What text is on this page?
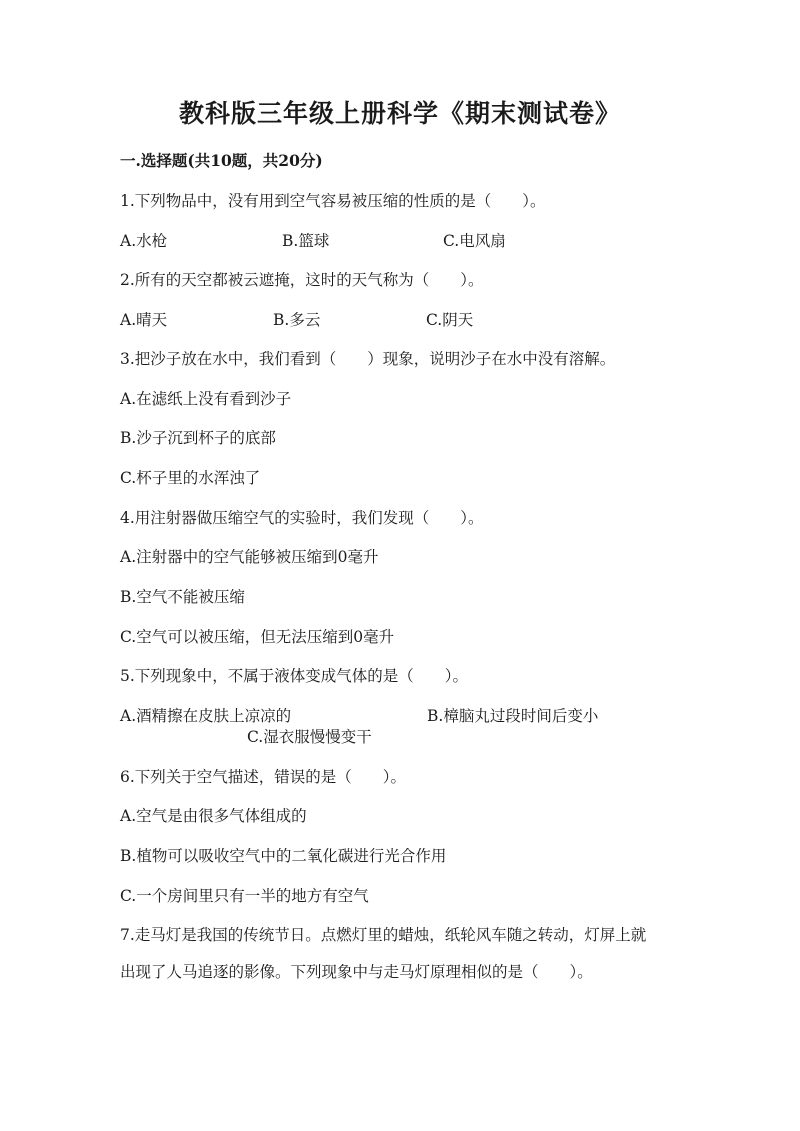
教科版三年级上册科学《期末测试卷》
一.选择题(共10题，共20分)
1.下列物品中，没有用到空气容易被压缩的性质的是（　　）。
A.水枪	B.篮球	C.电风扇
2.所有的天空都被云遮掩，这时的天气称为（　　）。
A.晴天	B.多云	C.阴天
3.把沙子放在水中，我们看到（　　）现象，说明沙子在水中没有溶解。
A.在滤纸上没有看到沙子
B.沙子沉到杯子的底部
C.杯子里的水浑浊了
4.用注射器做压缩空气的实验时，我们发现（　　）。
A.注射器中的空气能够被压缩到0毫升
B.空气不能被压缩
C.空气可以被压缩，但无法压缩到0毫升
5.下列现象中，不属于液体变成气体的是（　　）。
A.酒精擦在皮肤上凉凉的	B.樟脑丸过段时间后变小
C.湿衣服慢慢变干
6.下列关于空气描述，错误的是（　　）。
A.空气是由很多气体组成的
B.植物可以吸收空气中的二氧化碳进行光合作用
C.一个房间里只有一半的地方有空气
7.走马灯是我国的传统节日。点燃灯里的蜡烛，纸轮风车随之转动，灯屏上就
出现了人马追逐的影像。下列现象中与走马灯原理相似的是（　　）。
